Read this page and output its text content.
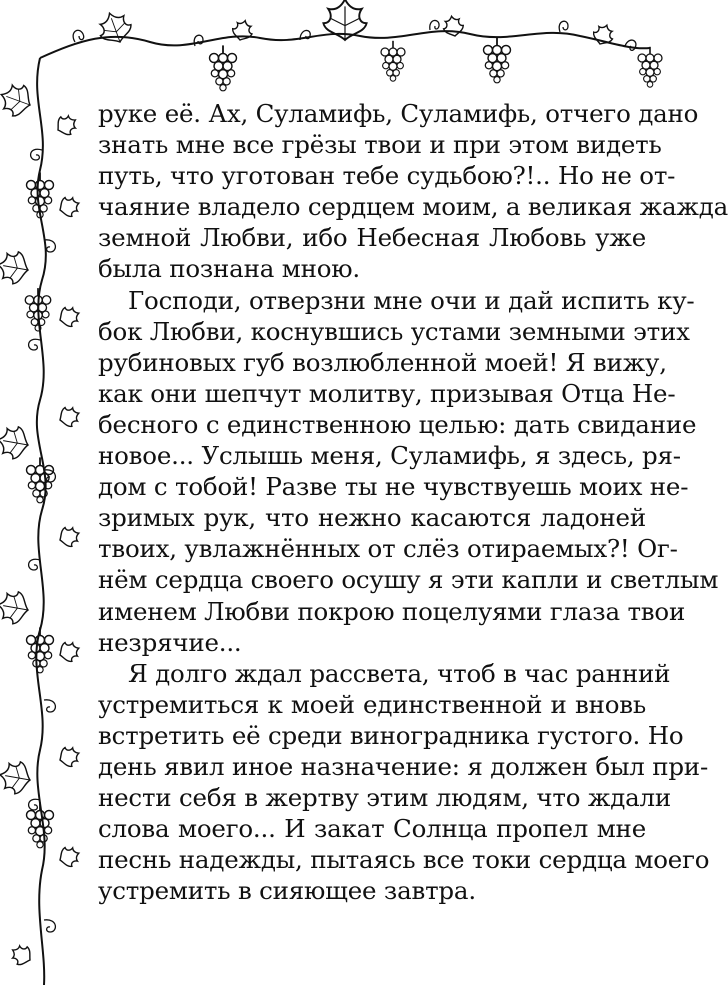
руке её. Ах, Суламифь, Суламифь, отчего дано
знать мне все грёзы твои и при этом видеть
путь, что уготован тебе судьбою?!.. Но не от-
чаяние владело сердцем моим, а великая жажда
земной Любви, ибо Небесная Любовь уже
была познана мною.
Господи, отверзни мне очи и дай испить ку-
бок Любви, коснувшись устами земными этих
рубиновых губ возлюбленной моей! Я вижу,
как они шепчут молитву, призывая Отца Не-
бесного с единственною целью: дать свидание
новое... Услышь меня, Суламифь, я здесь, ря-
дом с тобой! Разве ты не чувствуешь моих не-
зримых рук, что нежно касаются ладоней
твоих, увлажнённых от слёз отираемых?! Ог-
нём сердца своего осушу я эти капли и светлым
именем Любви покрою поцелуями глаза твои
незрячие...
Я долго ждал рассвета, чтоб в час ранний
устремиться к моей единственной и вновь
встретить её среди виноградника густого. Но
день явил иное назначение: я должен был при-
нести себя в жертву этим людям, что ждали
слова моего... И закат Солнца пропел мне
песнь надежды, пытаясь все токи сердца моего
устремить в сияющее завтра.
